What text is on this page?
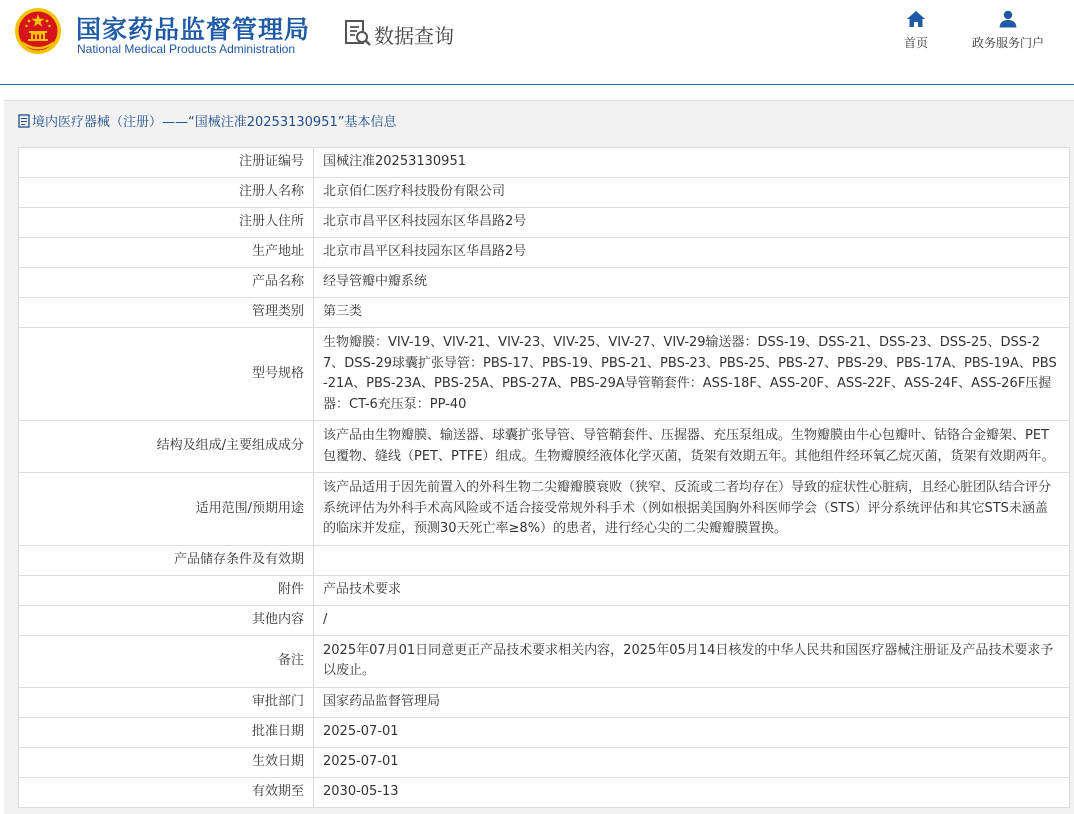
国家药品监督管理局
National Medical Products Administration
数据查询	首页	政务服务门户
境内医疗器械（注册）——“国械注准20253130951”基本信息
注册证编号	国械注准20253130951
注册人名称	北京佰仁医疗科技股份有限公司
注册人住所	北京市昌平区科技园东区华昌路2号
生产地址	北京市昌平区科技园东区华昌路2号
产品名称	经导管瓣中瓣系统
管理类别	第三类
型号规格	生物瓣膜：VIV-19、VIV-21、VIV-23、VIV-25、VIV-27、VIV-29输送器：DSS-19、DSS-21、DSS-23、DSS-25、DSS-27、DSS-29球囊扩张导管：PBS-17、PBS-19、PBS-21、PBS-23、PBS-25、PBS-27、PBS-29、PBS-17A、PBS-19A、PBS-21A、PBS-23A、PBS-25A、PBS-27A、PBS-29A导管鞘套件：ASS-18F、ASS-20F、ASS-22F、ASS-24F、ASS-26F压握器：CT-6充压泵：PP-40
结构及组成/主要组成成分	该产品由生物瓣膜、输送器、球囊扩张导管、导管鞘套件、压握器、充压泵组成。生物瓣膜由牛心包瓣叶、钴铬合金瓣架、PET包覆物、缝线（PET、PTFE）组成。生物瓣膜经液体化学灭菌，货架有效期五年。其他组件经环氧乙烷灭菌，货架有效期两年。
适用范围/预期用途	该产品适用于因先前置入的外科生物二尖瓣瓣膜衰败（狭窄、反流或二者均存在）导致的症状性心脏病，且经心脏团队结合评分系统评估为外科手术高风险或不适合接受常规外科手术（例如根据美国胸外科医师学会（STS）评分系统评估和其它STS未涵盖的临床并发症，预测30天死亡率≥8%）的患者，进行经心尖的二尖瓣瓣膜置换。
产品储存条件及有效期	
附件	产品技术要求
其他内容	/
备注	2025年07月01日同意更正产品技术要求相关内容，2025年05月14日核发的中华人民共和国医疗器械注册证及产品技术要求予以废止。
审批部门	国家药品监督管理局
批准日期	2025-07-01
生效日期	2025-07-01
有效期至	2030-05-13
